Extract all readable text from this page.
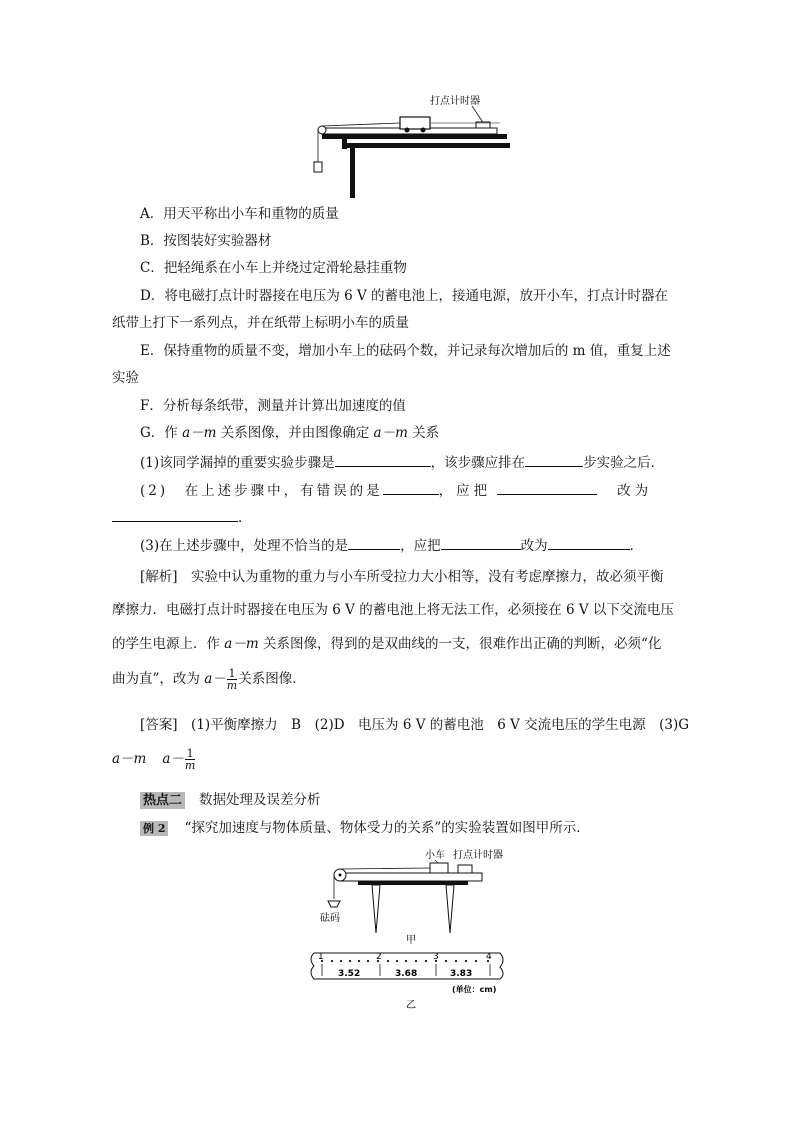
打点计时器
A．用天平称出小车和重物的质量
B．按图装好实验器材
C．把轻绳系在小车上并绕过定滑轮悬挂重物
D．将电磁打点计时器接在电压为 6 V 的蓄电池上，接通电源，放开小车，打点计时器在
纸带上打下一系列点，并在纸带上标明小车的质量
E．保持重物的质量不变，增加小车上的砝码个数，并记录每次增加后的 m 值，重复上述
实验
F．分析每条纸带，测量并计算出加速度的值
G．作 a－m 关系图像，并由图像确定 a－m 关系
(1)该同学漏掉的重要实验步骤是	，该步骤应排在	步实验之后．
(2)　在上述步骤中，有错误的是	，应把	改为
．
(3)在上述步骤中，处理不恰当的是	，应把	改为	．
[解析]　实验中认为重物的重力与小车所受拉力大小相等，没有考虑摩擦力，故必须平衡
摩擦力．电磁打点计时器接在电压为 6 V 的蓄电池上将无法工作，必须接在 6 V 以下交流电压
的学生电源上．作 a－m 关系图像，得到的是双曲线的一支，很难作出正确的判断，必须“化
曲为直”，改为 $a- \frac{1}{m}$ 关系图像．
[答案]　(1)平衡摩擦力　B　(2)D　电压为 6 V 的蓄电池　6 V 交流电压的学生电源　(3)G
a－m $a- \frac{1}{m}$
热点二 数据处理及误差分析
例 2 “探究加速度与物体质量、物体受力的关系”的实验装置如图甲所示．
小车 打点计时器
砝码
甲
1	2	3	4
3.52	3.68	3.83
(单位：cm)
乙
